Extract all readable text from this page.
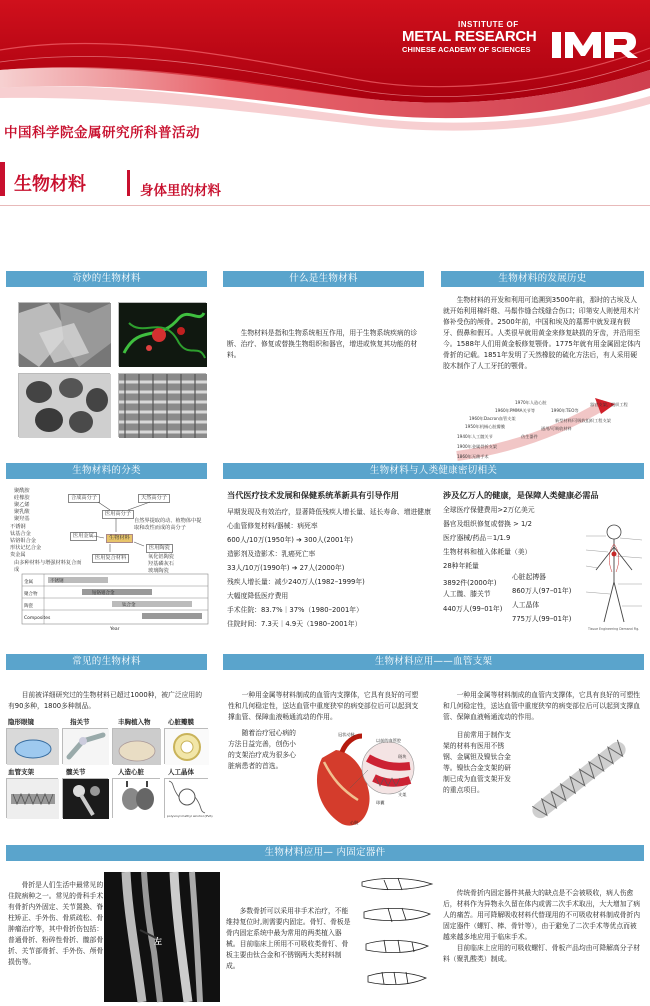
INSTITUTE OF
METAL RESEARCH
CHINESE ACADEMY OF SCIENCES
中国科学院金属研究所科普活动
生物材料	身体里的材料
奇妙的生物材料	什么是生物材料	生物材料的发展历史

生物材料是指和生物系统相互作用，用于生物系统疾病的诊断、治疗、修复或替换生物组织和器官，增进或恢复其功能的材料。

生物材料的开发和利用可追溯到3500年前，那时的古埃及人就开始利用棉纤维、马鬃作缝合线缝合伤口；印第安人则使用木片修补受伤的颅骨。2500年前，中国和埃及的墓葬中就发现有假牙、假鼻和假耳。人类很早就用黄金来修复缺损的牙齿，并沿用至今。1588年人们用黄金板修复颚骨。1775年就有用金属固定体内骨折的记载。1851年发明了天然橡胶的硫化方法后，有人采用硬胶木制作了人工牙托的颚骨。

1970年人造心脏
1960年PMMA关节等
1960年Dacron血管支架
1950年机械心脏瓣膜
1940年人工髋关节
1900年金属骨折支架
1860年无菌手术
1990年TEO等
新型材料/可吸收组织工程支架
通用/可吸收材料
仿生器件
器官支架、组织工程
生物材料的分类	生物材料与人类健康密切相关
聚酰胺
硅橡胶
聚乙烯
聚乳酸
聚羟基
合成高分子	天然高分子
医用高分子
自然界提取的动、植物体中提取和改性而成的高分子
不锈钢
钛基合金
钴铬钼合金
形状记忆合金
贵金属
医用金属	生物材料
医用陶瓷
氧化铝陶瓷
羟基磷灰石
玻璃陶瓷
医用复合材料
由多种材料与增强材料复合而成
金属
聚合物
陶瓷
Composites
不锈钢
钴铬钼合金
钛合金
Year
当代医疗技术发展和保健系统革新具有引导作用
早期发现及有效治疗，显著降低残疾人增长量、延长寿命、增进健康
心血管修复材料/器械：病死率
600人/10万(1950年) ➔ 300人(2001年)
造影剂及造影术：乳癌死亡率
33人/10万(1990年) ➔ 27人(2000年)
残疾人增长量：减少240万人(1982–1999年)
大幅度降低医疗费用
手术住院：83.7%｜37%（1980–2001年）
住院时间：7.3天｜4.9天（1980–2001年）
涉及亿万人的健康，是保障人类健康必需品
全球医疗保健费用>2万亿美元
器官及组织修复或替换 > 1/2
医疗器械/药品＝1/1.9
生物材料和植入体耗量（美）
28种年耗量
3892件(2000年)
人工髋、膝关节
440万人(99–01年)
心脏起搏器
860万人(97–01年)
人工晶体
775万人(99–01年)
Tissue Engineering Demand Fig.
常见的生物材料	生物材料应用——血管支架

目前被详细研究过的生物材料已超过1000种，被广泛应用的有90多种，1800多种制品。

隐形眼镜	指关节	丰胸植入物	心脏瓣膜
血管支架	髋关节	人造心脏	人工晶体
polyvinyl methyl alcohol (PVA)

一种用金属等材料制成的血管内支撑体，它具有良好的可塑性和几何稳定性，送达血管中重度狭窄的病变部位后可以起到支撑血管、保障血液畅通流动的作用。

随着治疗冠心病的方法日益完善，创伤小的支架治疗成为很多心脏病患者的首选。

冠状动脉
以前的血管腔
心脏
斑块
支架
球囊

一种用金属等材料制成的血管内支撑体，它具有良好的可塑性和几何稳定性，送达血管中重度狭窄的病变部位后可以起到支撑血管、保障血液畅通流动的作用。

目前常用于制作支架的材料有医用不锈钢、金属钽及镍钛合金等。镍钛合金支架的研制已成为血管支架开发的重点项目。

生物材料应用— 内固定器件

骨折是人们生活中最常见的住院病种之一。常见的骨科手术有骨折内外固定、关节置换、脊柱矫正、手外伤、骨质疏松、骨肿瘤治疗等，其中骨折伤包括：普通骨折、粉碎性骨折、髋部骨折、关节部骨折、手外伤、颅骨损伤等。

左

多数骨折可以采用非手术治疗，不能维持复位时,则需要内固定。骨钉、骨板是骨内固定系统中最为常用的两类植入器械。目前临床上所用不可吸收类骨钉、骨板主要由钛合金和不锈钢两大类材料制成。

传统骨折内固定器件其最大的缺点是不会被吸收，病人伤愈后，材料作为异物永久留在体内或需二次手术取出，大大增加了病人的痛苦。用可降解吸收材料代替现用的不可吸收材料制成骨折内固定器件（螺钉、棒、骨针等），由于避免了二次手术等优点而被越来越多地应用于临床手术。

目前临床上应用的可吸收螺钉、骨板产品均由可降解高分子材料（聚乳酸类）制成。
